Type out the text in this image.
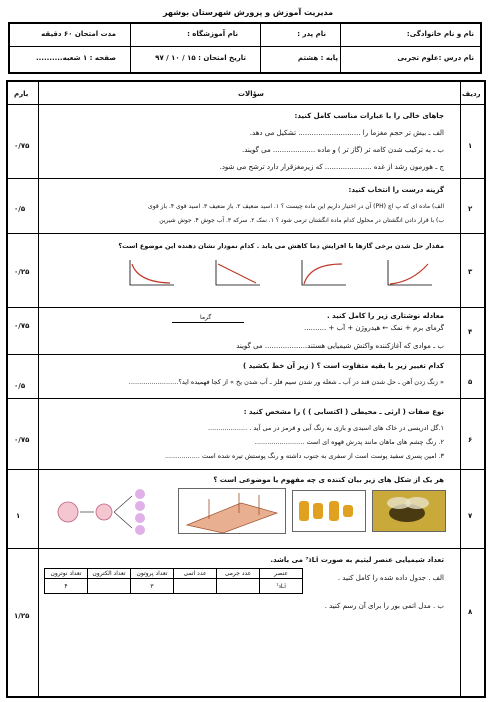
مدیریت آموزش و پرورش شهرستان بوشهر
نام و نام خانوادگی:
نام پدر :
نام آموزشگاه :
مدت امتحان ۶۰ دقیقه
نام درس :علوم تجربی
پایه : هشتم
تاریخ امتحان : ۱۵ / ۱۰ / ۹۷
صفحه : ۱ شعبه..........
بارم	سؤالات	ردیف
۱
۰/۷۵
جاهای خالی را با عبارات مناسب کامل کنید:
الف ـ بیش تر حجم مغزما را ............................ تشکیل می دهد.
ب ـ به ترکیب شدن کامه تر (گاز تر ) و ماده ................... می گویند.
ج ـ هورمون رشد از غده ..................... که زیرمغزقرار دارد ترشح می شود.
۲
۰/۵
گزینه درست را انتخاب کنید:
الف) ماده ای که پ اچ (PH) آن در اختیار داریم این ماده چیست ؟ ۱. اسید ضعیف ۲. باز ضعیف ۳. اسید قوی ۴. باز قوی
ب) با قرار دادن انگشتان در محلول کدام ماده انگشتان ترمی شود ؟ ۱. نمک ۲. سرکه ۳. آب جوش ۴. جوش شیرین
۳
۰/۲۵
مقدار حل شدن برخی گازها با افزایش دما کاهش می یابد . کدام نمودار نشان دهنده این موضوع است؟
۴
۰/۷۵
معادله نوشتاری زیر را کامل کنید .
گرما
گرمای برم + نمک ← هیدروژن + آب + ..........
ب ـ موادی که آغازکننده واکنش شیمیایی هستند................... می گویند
۵
۰/۵
کدام تغییر زیر با بقیه متفاوت است ؟ ( زیر آن خط بکشید )
« زنگ زدن آهن ـ حل شدن قند در آب ـ شعله ور شدن سیم فلز ـ آب شدن یخ » از کجا فهمیده اید؟........................
۶
۰/۷۵
نوع صفات ( ارثی ـ محیطی ( اکتسابی ) ) را مشخص کنید :
۱.گل ادریسی در خاک های اسیدی و بازی به رنگ آبی و قرمز در می آید . ...................
۲. رنگ چشم های ماهان مانند پدرش قهوه ای است ........................
۳. امین پسری سفید پوست است از سفری به جنوب داشته و رنگ پوستش تیره شده است .................
۷
۱
هر یک از شکل های زیر بیان کننده ی چه مفهوم یا موضوعی است ؟
۸
۱/۲۵
تعداد شیمیایی عنصر لیتیم به صورت ⁷₃Li می باشد.
الف . جدول داده شده را کامل کنید .
ب . مدل اتمی بور را برای آن رسم کنید .
عنصر	عدد جرمی	عدد اتمی	تعداد پروتون	تعداد الکترون	تعداد نوترون
⁷₃Li			۳		۴
